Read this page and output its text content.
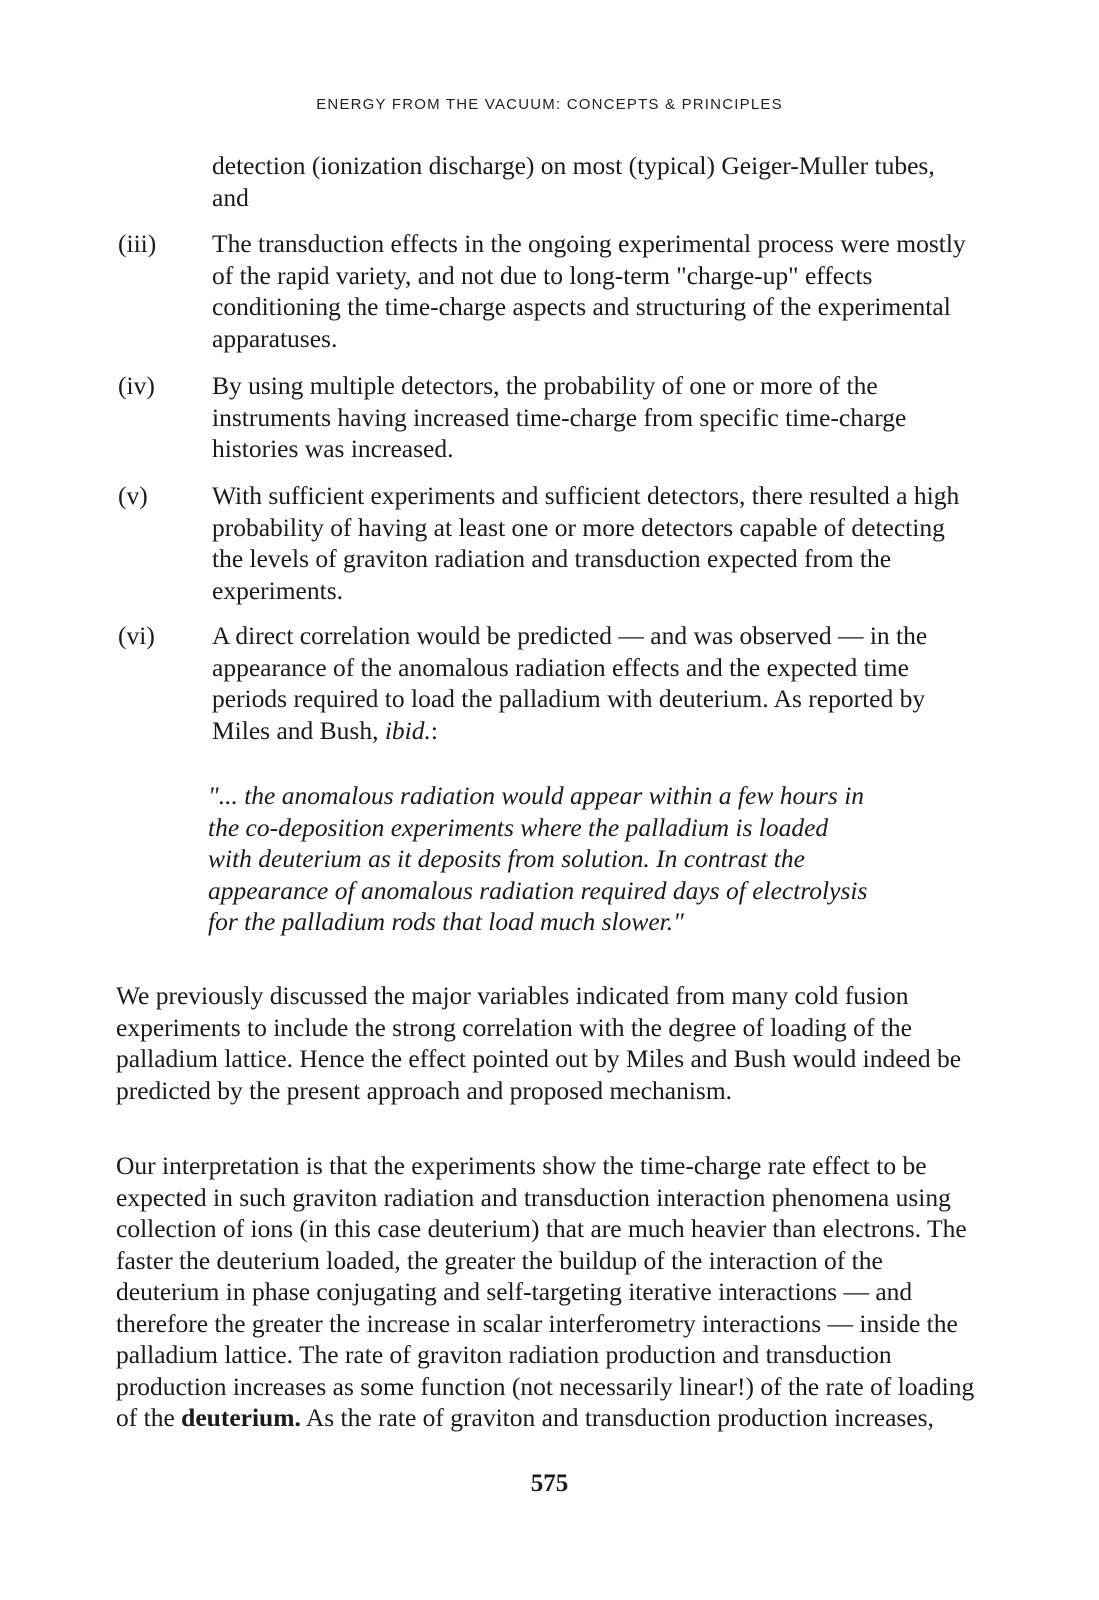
ENERGY FROM THE VACUUM: CONCEPTS & PRINCIPLES
detection (ionization discharge) on most (typical) Geiger-Muller tubes, and
(iii)	The transduction effects in the ongoing experimental process were mostly of the rapid variety, and not due to long-term "charge-up" effects conditioning the time-charge aspects and structuring of the experimental apparatuses.
(iv)	By using multiple detectors, the probability of one or more of the instruments having increased time-charge from specific time-charge histories was increased.
(v)	With sufficient experiments and sufficient detectors, there resulted a high probability of having at least one or more detectors capable of detecting the levels of graviton radiation and transduction expected from the experiments.
(vi)	A direct correlation would be predicted — and was observed — in the appearance of the anomalous radiation effects and the expected time periods required to load the palladium with deuterium. As reported by Miles and Bush, ibid.:
"... the anomalous radiation would appear within a few hours in the co-deposition experiments where the palladium is loaded with deuterium as it deposits from solution. In contrast the appearance of anomalous radiation required days of electrolysis for the palladium rods that load much slower."
We previously discussed the major variables indicated from many cold fusion experiments to include the strong correlation with the degree of loading of the palladium lattice. Hence the effect pointed out by Miles and Bush would indeed be predicted by the present approach and proposed mechanism.
Our interpretation is that the experiments show the time-charge rate effect to be expected in such graviton radiation and transduction interaction phenomena using collection of ions (in this case deuterium) that are much heavier than electrons. The faster the deuterium loaded, the greater the buildup of the interaction of the deuterium in phase conjugating and self-targeting iterative interactions — and therefore the greater the increase in scalar interferometry interactions — inside the palladium lattice. The rate of graviton radiation production and transduction production increases as some function (not necessarily linear!) of the rate of loading of the deuterium. As the rate of graviton and transduction production increases,
575
